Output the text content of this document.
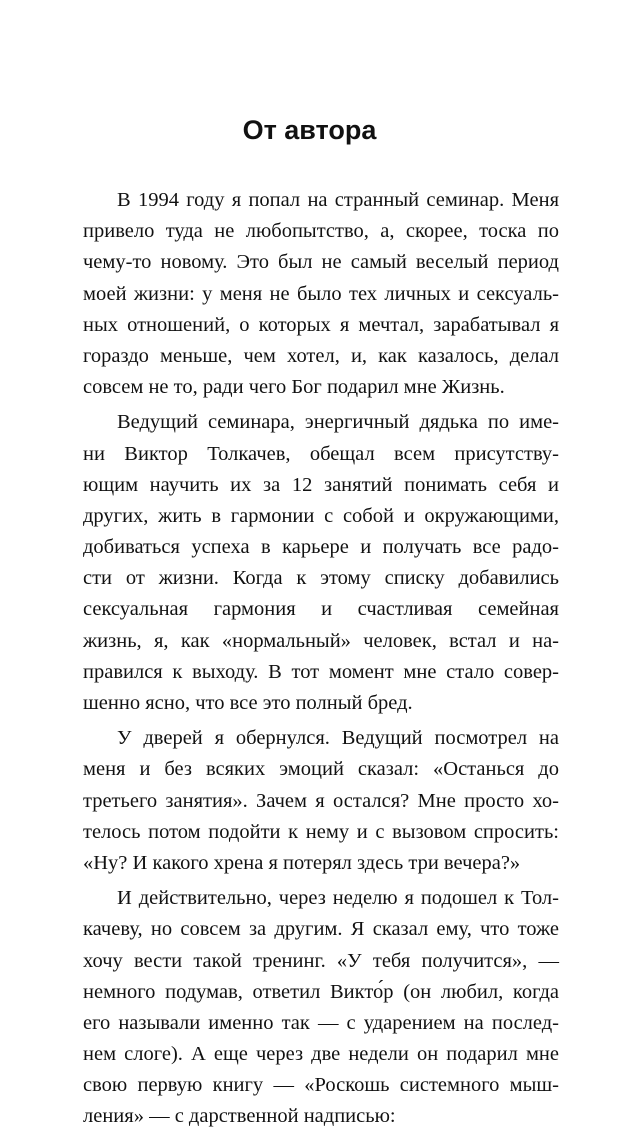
От автора
В 1994 году я попал на странный семинар. Меня
привело туда не любопытство, а, скорее, тоска по
чему-то новому. Это был не самый веселый период
моей жизни: у меня не было тех личных и сексуаль-
ных отношений, о которых я мечтал, зарабатывал я
гораздо меньше, чем хотел, и, как казалось, делал
совсем не то, ради чего Бог подарил мне Жизнь.
Ведущий семинара, энергичный дядька по име-
ни Виктор Толкачев, обещал всем присутству-
ющим научить их за 12 занятий понимать себя и
других, жить в гармонии с собой и окружающими,
добиваться успеха в карьере и получать все радо-
сти от жизни. Когда к этому списку добавились
сексуальная гармония и счастливая семейная
жизнь, я, как «нормальный» человек, встал и на-
правился к выходу. В тот момент мне стало совер-
шенно ясно, что все это полный бред.
У дверей я обернулся. Ведущий посмотрел на
меня и без всяких эмоций сказал: «Останься до
третьего занятия». Зачем я остался? Мне просто хо-
телось потом подойти к нему и с вызовом спросить:
«Ну? И какого хрена я потерял здесь три вечера?»
И действительно, через неделю я подошел к Тол-
качеву, но совсем за другим. Я сказал ему, что тоже
хочу вести такой тренинг. «У тебя получится», —
немного подумав, ответил Викто́р (он любил, когда
его называли именно так — с ударением на послед-
нем слоге). А еще через две недели он подарил мне
свою первую книгу — «Роскошь системного мыш-
ления» — с дарственной надписью:
